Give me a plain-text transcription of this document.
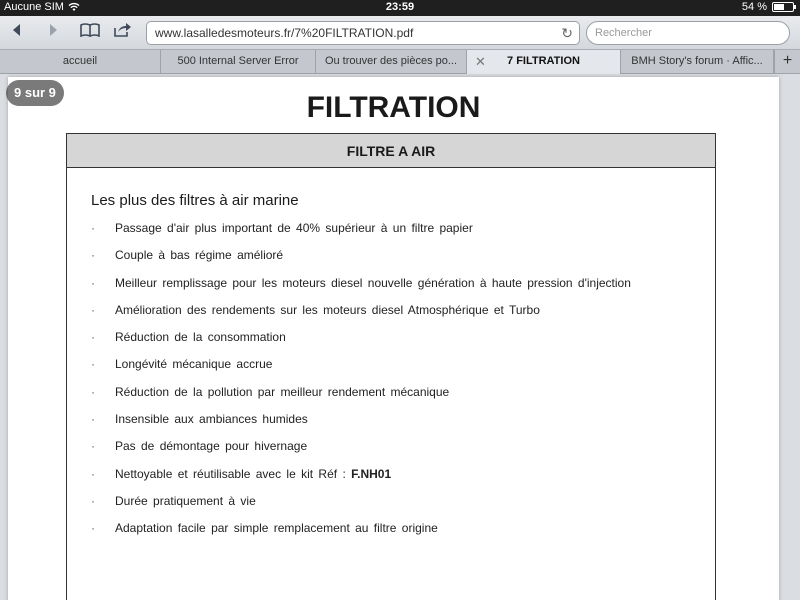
Aucune SIM	23:59	54 %
www.lasalledesmoteurs.fr/7%20FILTRATION.pdf	↻	Rechercher
accueil	500 Internal Server Error	Ou trouver des pièces po...	✕ 7 FILTRATION	BMH Story's forum · Affic...	+
FILTRATION
FILTRE A AIR
Les plus des filtres à air marine
· Passage d'air plus important de 40% supérieur à un filtre papier
· Couple à bas régime amélioré
· Meilleur remplissage pour les moteurs diesel nouvelle génération à haute pression d'injection
· Amélioration des rendements sur les moteurs diesel Atmosphérique et Turbo
· Réduction de la consommation
· Longévité mécanique accrue
· Réduction de la pollution par meilleur rendement mécanique
· Insensible aux ambiances humides
· Pas de démontage pour hivernage
· Nettoyable et réutilisable avec le kit Réf : F.NH01
· Durée pratiquement à vie
· Adaptation facile par simple remplacement au filtre origine
9 sur 9
